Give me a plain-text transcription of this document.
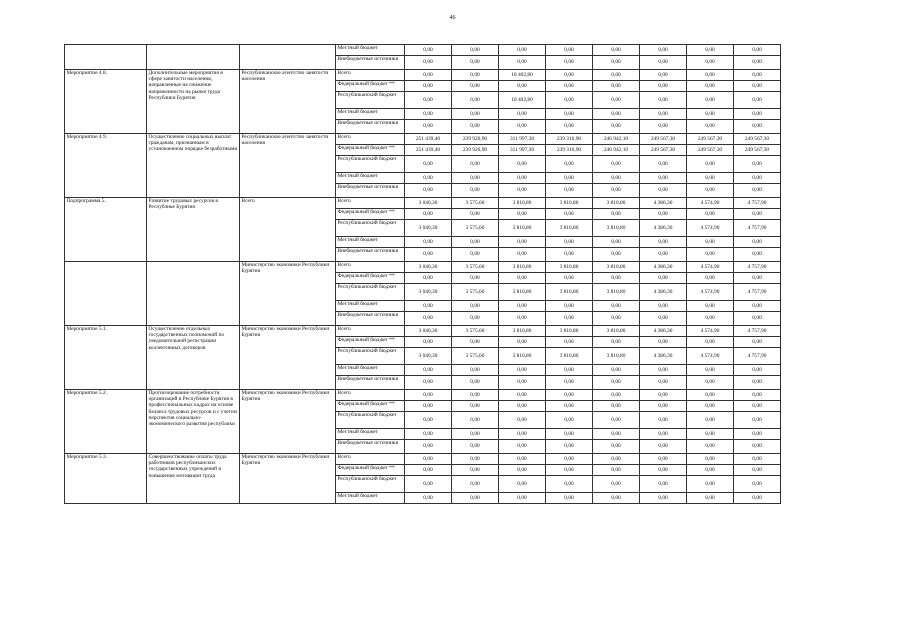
46
			Местный бюджет	0,00	0,00	0,00	0,00	0,00	0,00	0,00	0,00
			Внебюджетные источники	0,00	0,00	0,00	0,00	0,00	0,00	0,00	0,00
Мероприятие 4.8.	Дополнительные мероприятия в сфере занятости населения, направленные на снижение напряженности на рынке труда Республики Бурятия	Республиканское агентство занятости населения	Всего	0,00	0,00	10 402,80	0,00	0,00	0,00	0,00	0,00
			Федеральный бюджет **	0,00	0,00	0,00	0,00	0,00	0,00	0,00	0,00
			Республиканский бюджет	0,00	0,00	10 402,80	0,00	0,00	0,00	0,00	0,00
			Местный бюджет	0,00	0,00	0,00	0,00	0,00	0,00	0,00	0,00
			Внебюджетные источники	0,00	0,00	0,00	0,00	0,00	0,00	0,00	0,00
Мероприятие 4.9.	Осуществление социальных выплат гражданам, признанным в установленном порядке безработными	Республиканское агентство занятости населения	Всего	251 439,40	239 926,90	311 997,30	239 316,90	246 942,10	249 567,30	249 567,30	249 567,30
			Федеральный бюджет **	251 439,40	239 926,90	311 997,30	239 316,90	246 942,10	249 567,30	249 567,30	249 567,30
			Республиканский бюджет	0,00	0,00	0,00	0,00	0,00	0,00	0,00	0,00
			Местный бюджет	0,00	0,00	0,00	0,00	0,00	0,00	0,00	0,00
			Внебюджетные источники	0,00	0,00	0,00	0,00	0,00	0,00	0,00	0,00
Подпрограмма 5.	Развитие трудовых ресурсов в Республике Бурятия	Всего	Всего	3 040,30	3 575,60	3 810,80	3 810,80	3 810,80	4 386,30	4 574,90	4 757,90
			Федеральный бюджет **	0,00	0,00	0,00	0,00	0,00	0,00	0,00	0,00
			Республиканский бюджет	3 040,30	3 575,60	3 810,80	3 810,80	3 810,80	4 386,30	4 574,90	4 757,90
			Местный бюджет	0,00	0,00	0,00	0,00	0,00	0,00	0,00	0,00
			Внебюджетные источники	0,00	0,00	0,00	0,00	0,00	0,00	0,00	0,00
		Министерство экономики Республики Бурятия	Всего	3 040,30	3 575,60	3 810,80	3 810,80	3 810,80	4 386,30	4 574,90	4 757,90
			Федеральный бюджет **	0,00	0,00	0,00	0,00	0,00	0,00	0,00	0,00
			Республиканский бюджет	3 040,30	3 575,60	3 810,80	3 810,80	3 810,80	4 386,30	4 574,90	4 757,90
			Местный бюджет	0,00	0,00	0,00	0,00	0,00	0,00	0,00	0,00
			Внебюджетные источники	0,00	0,00	0,00	0,00	0,00	0,00	0,00	0,00
Мероприятие 5.1.	Осуществление отдельных государственных полномочий по уведомительной регистрации коллективных договоров	Министерство экономики Республики Бурятия	Всего	3 040,30	3 575,60	3 810,80	3 810,80	3 810,80	4 386,30	4 574,90	4 757,90
			Федеральный бюджет **	0,00	0,00	0,00	0,00	0,00	0,00	0,00	0,00
			Республиканский бюджет	3 040,30	3 575,60	3 810,80	3 810,80	3 810,80	4 386,30	4 574,90	4 757,90
			Местный бюджет	0,00	0,00	0,00	0,00	0,00	0,00	0,00	0,00
			Внебюджетные источники	0,00	0,00	0,00	0,00	0,00	0,00	0,00	0,00
Мероприятие 5.2.	Прогнозирование потребности организаций в Республике Бурятия в профессиональных кадрах на основе баланса трудовых ресурсов и с учетом перспектив социально-экономического развития республики	Министерство экономики Республики Бурятия	Всего	0,00	0,00	0,00	0,00	0,00	0,00	0,00	0,00
			Федеральный бюджет **	0,00	0,00	0,00	0,00	0,00	0,00	0,00	0,00
			Республиканский бюджет	0,00	0,00	0,00	0,00	0,00	0,00	0,00	0,00
			Местный бюджет	0,00	0,00	0,00	0,00	0,00	0,00	0,00	0,00
			Внебюджетные источники	0,00	0,00	0,00	0,00	0,00	0,00	0,00	0,00
Мероприятие 5.3.	Совершенствование оплаты труда работников республиканских государственных учреждений и повышение мотивации труда	Министерство экономики Республики Бурятия	Всего	0,00	0,00	0,00	0,00	0,00	0,00	0,00	0,00
			Федеральный бюджет **	0,00	0,00	0,00	0,00	0,00	0,00	0,00	0,00
			Республиканский бюджет	0,00	0,00	0,00	0,00	0,00	0,00	0,00	0,00
			Местный бюджет	0,00	0,00	0,00	0,00	0,00	0,00	0,00	0,00
